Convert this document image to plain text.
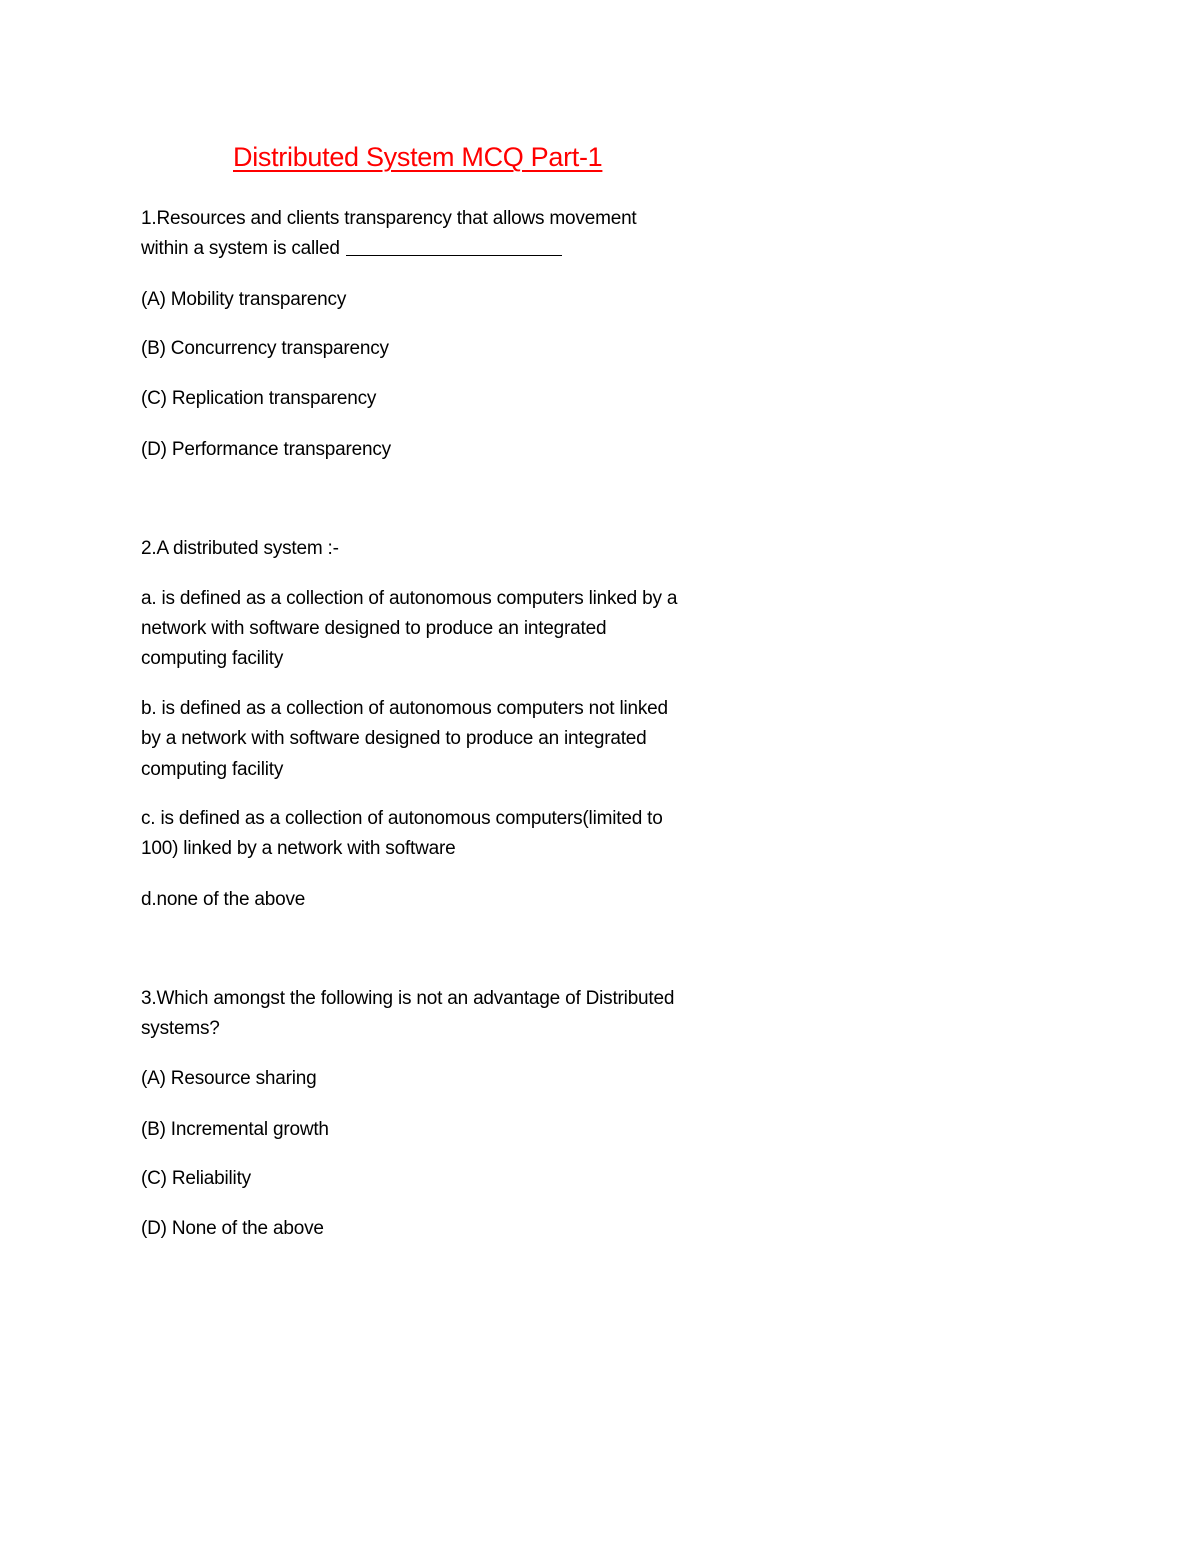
Distributed System MCQ Part-1
1.Resources and clients transparency that allows movement
within a system is called
(A) Mobility transparency
(B) Concurrency transparency
(C) Replication transparency
(D) Performance transparency
2.A distributed system :-
a. is defined as a collection of autonomous computers linked by a
network with software designed to produce an integrated
computing facility
b. is defined as a collection of autonomous computers not linked
by a network with software designed to produce an integrated
computing facility
c. is defined as a collection of autonomous computers(limited to
100) linked by a network with software
d.none of the above
3.Which amongst the following is not an advantage of Distributed
systems?
(A) Resource sharing
(B) Incremental growth
(C) Reliability
(D) None of the above
